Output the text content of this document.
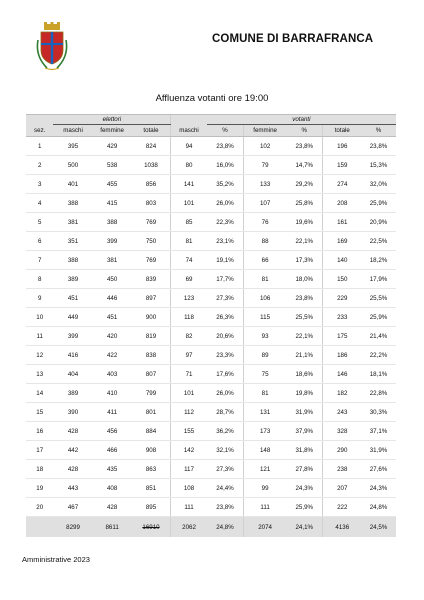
COMUNE DI BARRAFRANCA
Affluenza votanti ore 19:00
	elettori				votanti				
sez.	maschi	femmine	totale	maschi	%	femmine	%	totale	%
1	395	429	824	94	23,8%	102	23,8%	196	23,8%
2	500	538	1038	80	16,0%	79	14,7%	159	15,3%
3	401	455	856	141	35,2%	133	29,2%	274	32,0%
4	388	415	803	101	26,0%	107	25,8%	208	25,9%
5	381	388	769	85	22,3%	76	19,6%	161	20,9%
6	351	399	750	81	23,1%	88	22,1%	169	22,5%
7	388	381	769	74	19,1%	66	17,3%	140	18,2%
8	389	450	839	69	17,7%	81	18,0%	150	17,9%
9	451	446	897	123	27,3%	106	23,8%	229	25,5%
10	449	451	900	118	26,3%	115	25,5%	233	25,9%
11	399	420	819	82	20,6%	93	22,1%	175	21,4%
12	416	422	838	97	23,3%	89	21,1%	186	22,2%
13	404	403	807	71	17,6%	75	18,6%	146	18,1%
14	389	410	799	101	26,0%	81	19,8%	182	22,8%
15	390	411	801	112	28,7%	131	31,9%	243	30,3%
16	428	456	884	155	36,2%	173	37,9%	328	37,1%
17	442	466	908	142	32,1%	148	31,8%	290	31,9%
18	428	435	863	117	27,3%	121	27,8%	238	27,6%
19	443	408	851	108	24,4%	99	24,3%	207	24,3%
20	467	428	895	111	23,8%	111	25,9%	222	24,8%
	8299	8611	16910	2062	24,8%	2074	24,1%	4136	24,5%
Amministrative 2023
